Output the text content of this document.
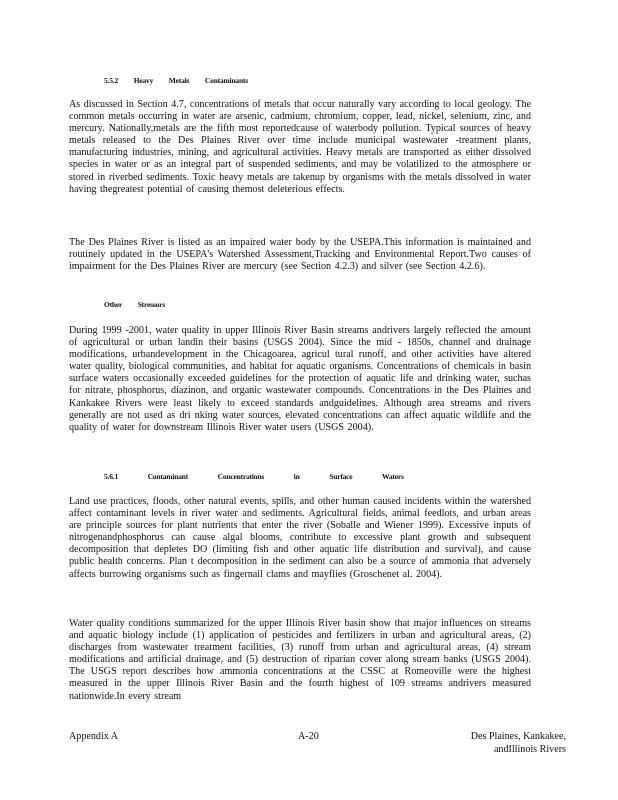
5.5.2 Heavy Metals Contaminants

As discussed in Section 4.7, concentrations of metals that occur naturally vary according to local geology. The common metals occurring in water are arsenic, cadmium, chromium, copper, lead, nickel, selenium, zinc, and mercury. Nationally,metals are the fifth most reportedcause of waterbody pollution. Typical sources of heavy metals released to the Des Plaines River over time include municipal wastewater -treatment plants, manufacturing industries, mining, and agricultural activities. Heavy metals are transported as either dissolved species in water or as an integral part of suspended sediments, and may be volatilized to the atmosphere or stored in riverbed sediments. Toxic heavy metals are takenup by organisms with the metals dissolved in water having thegreatest potential of causing themost deleterious effects.

The Des Plaines River is listed as an impaired water body by the USEPA.This information is maintained and routinely updated in the USEPA's Watershed Assessment,Tracking and Environmental Report.Two causes of impairment for the Des Plaines River are mercury (see Section 4.2.3) and silver (see Section 4.2.6).

Other Stressors

During 1999 -2001, water quality in upper Illinois River Basin streams andrivers largely reflected the amount of agricultural or urban landin their basins (USGS 2004). Since the mid - 1850s, channel and drainage modifications, urbandevelopment in the Chicagoarea, agricul tural runoff, and other activities have altered water quality, biological communities, and habitat for aquatic organisms. Concentrations of chemicals in basin surface waters occasionally exceeded guidelines for the protection of aquatic life and drinking water, suchas for nitrate, phosphorus, diazinon, and organic wastewater compounds. Concentrations in the Des Plaines and Kankakee Rivers were least likely to exceed standards andguidelines. Although area streams and rivers generally are not used as dri nking water sources, elevated concentrations can affect aquatic wildlife and the quality of water for downstream Illinois River water users (USGS 2004).

5.6.1	Contaminant Concentrations in Surface Waters

Land use practices, floods, other natural events, spills, and other human caused incidents within the watershed affect contaminant levels in river water and sediments. Agricultural fields, animal feedlots, and urban areas are principle sources for plant nutrients that enter the river (Soballe and Wiener 1999). Excessive inputs of nitrogenandphosphorus can cause algal blooms, contribute to excessive plant growth and subsequent decomposition that depletes DO (limiting fish and other aquatic life distribution and survival), and cause public health concerns. Plan t decomposition in the sediment can also be a source of ammonia that adversely affects burrowing organisms such as fingernail clams and mayflies (Groschenet al. 2004).

Water quality conditions summarized for the upper Illinois River basin show that major influences on streams and aquatic biology include (1) application of pesticides and fertilizers in urban and agricultural areas, (2) discharges from wastewater treatment facilities, (3) runoff from urban and agricultural areas, (4) stream modifications and artificial drainage, and (5) destruction of riparian cover along stream banks (USGS 2004). The USGS report describes how ammonia concentrations at the CSSC at Romeoville were the highest measured in the upper Illinois River Basin and the fourth highest of 109 streams andrivers measured nationwide.In every stream

Appendix A	A-20	Des Plaines, Kankakee,
andIllinois Rivers
